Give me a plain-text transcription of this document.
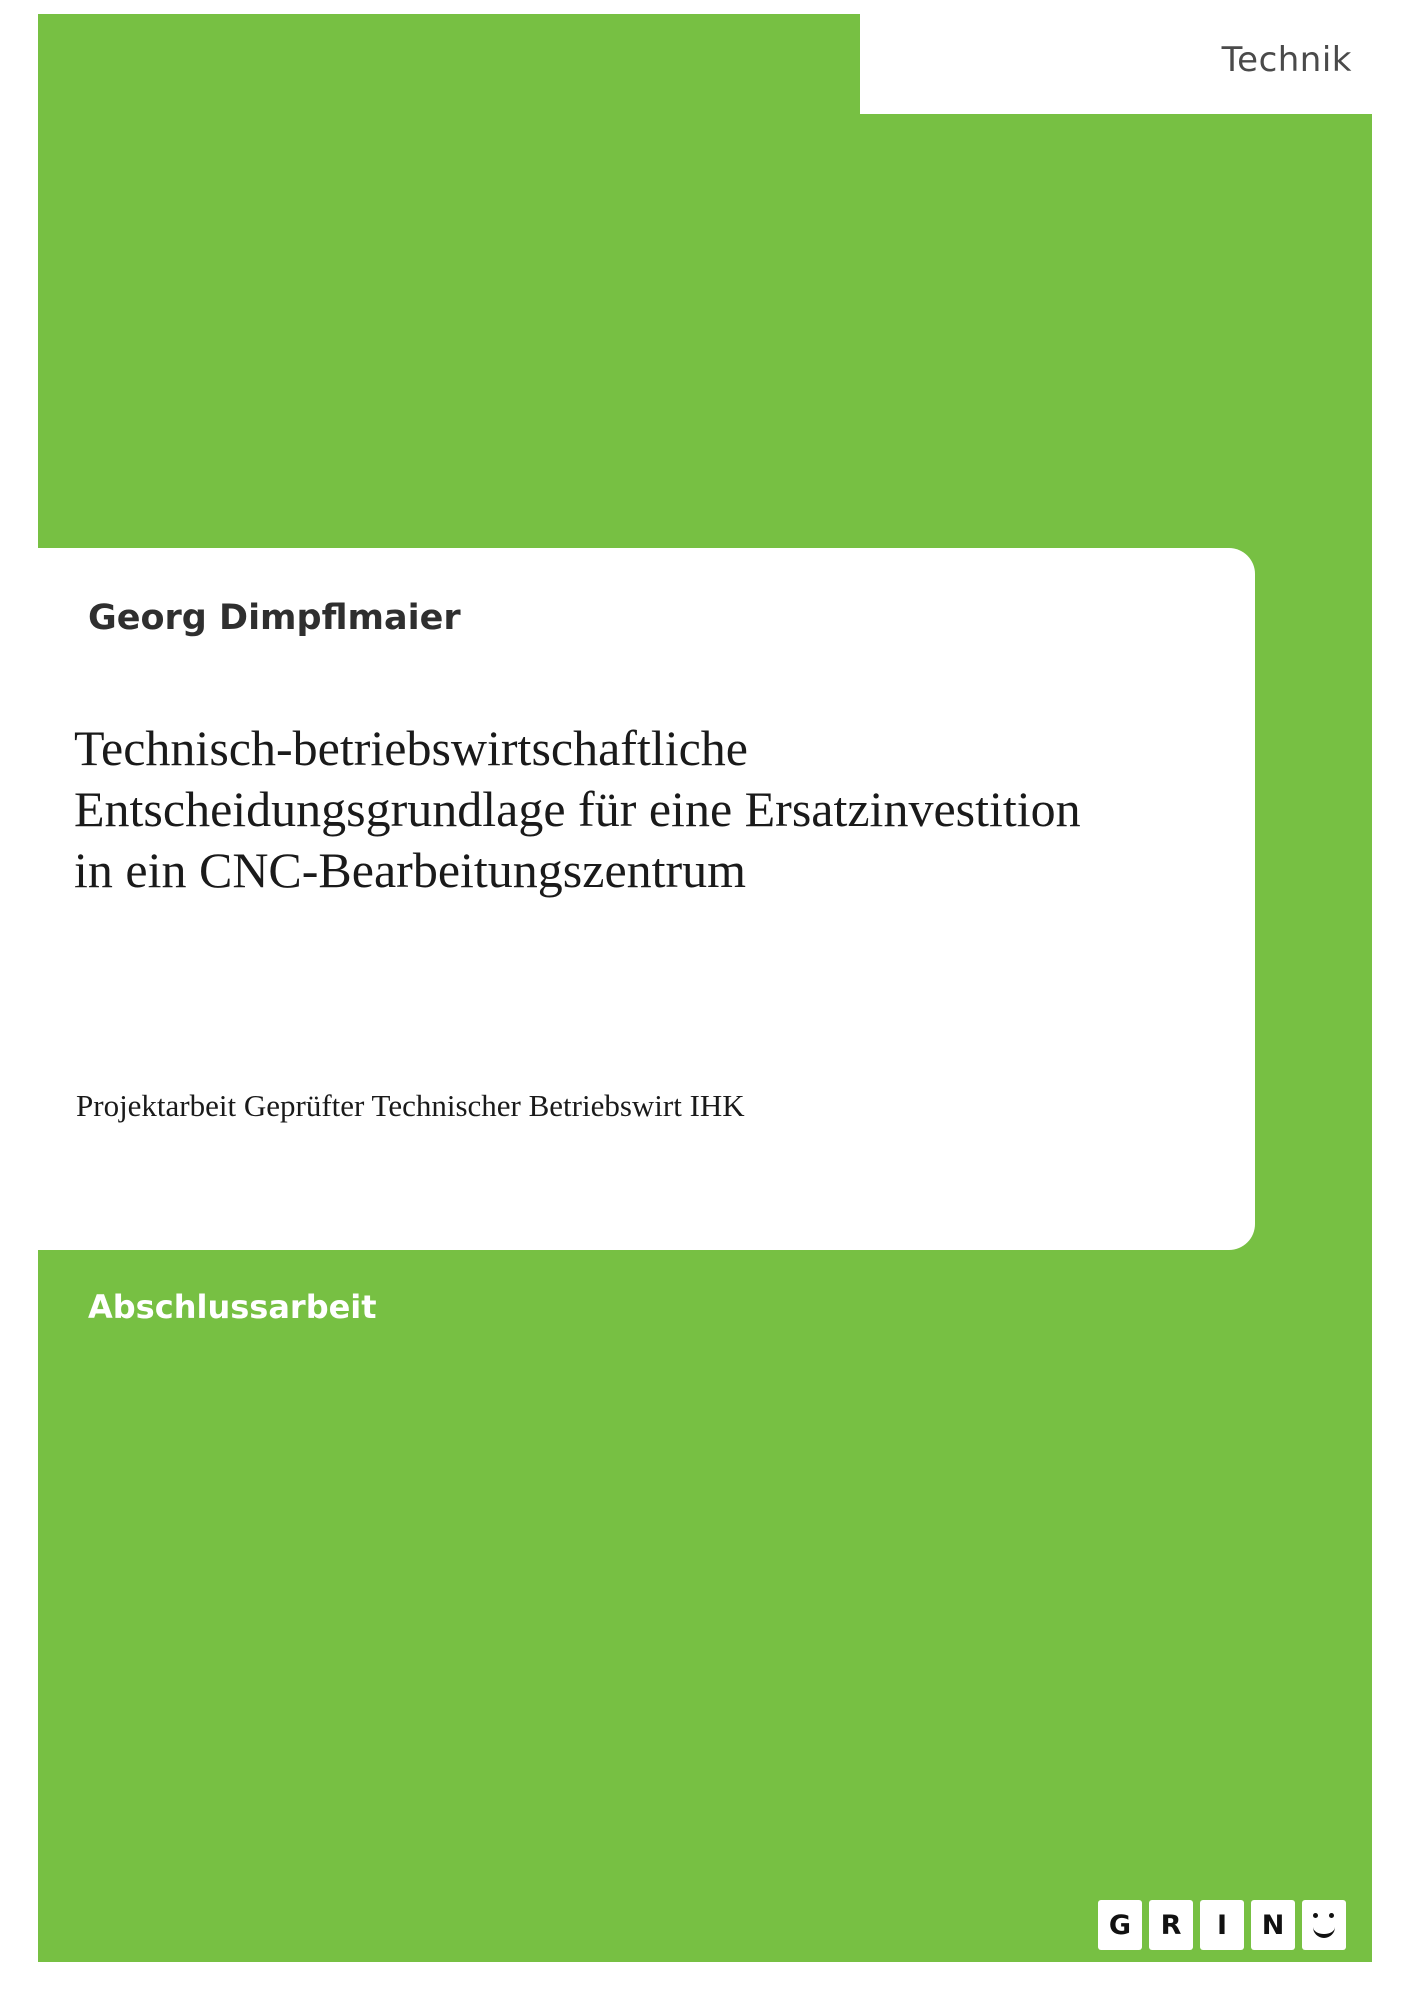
Technik
Georg Dimpflmaier
Technisch-betriebswirtschaftliche Entscheidungsgrundlage für eine Ersatzinvestition in ein CNC-Bearbeitungszentrum
Projektarbeit Geprüfter Technischer Betriebswirt IHK
Abschlussarbeit
G	R	I	N
